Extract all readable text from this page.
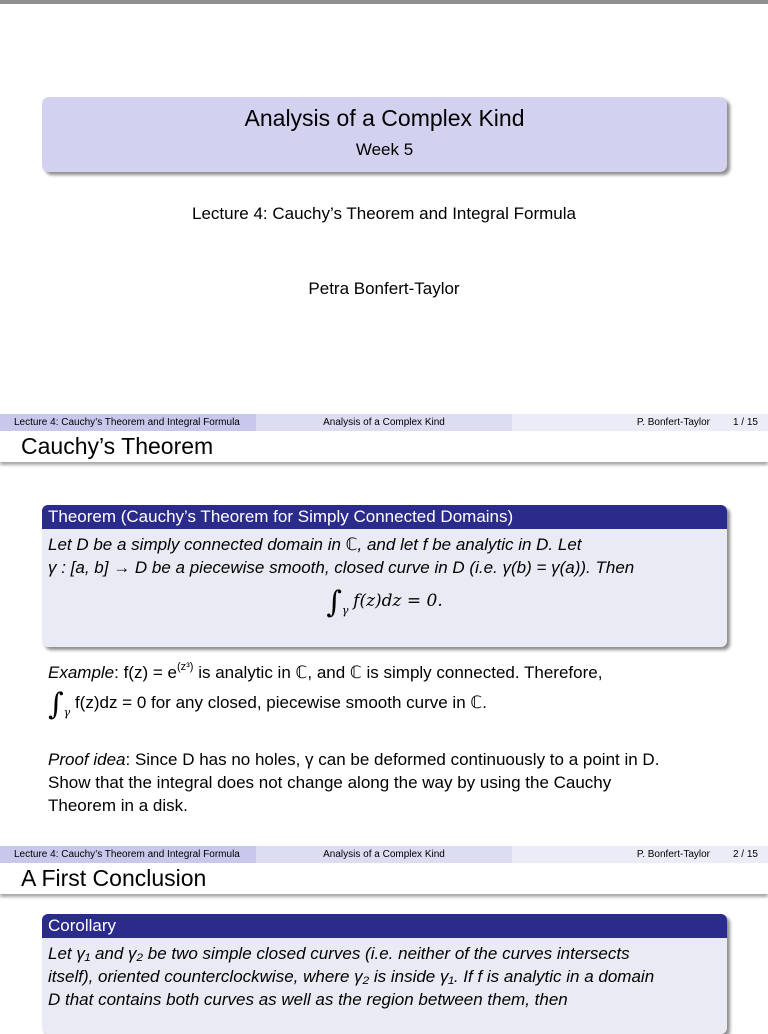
Analysis of a Complex Kind
Week 5
Lecture 4: Cauchy’s Theorem and Integral Formula
Petra Bonfert-Taylor
Lecture 4: Cauchy’s Theorem and Integral Formula	Analysis of a Complex Kind	P. Bonfert-Taylor 1 / 15
Cauchy’s Theorem
Theorem (Cauchy’s Theorem for Simply Connected Domains)
Let D be a simply connected domain in ℂ, and let f be analytic in D. Let
γ : [a, b] → D be a piecewise smooth, closed curve in D (i.e. γ(b) = γ(a)). Then
$\int_\gamma$ f(z)dz = 0.
Example: $f(z) = e^{(z^3)}$ is analytic in ℂ, and ℂ is simply connected. Therefore,
$\int_\gamma$ f(z)dz = 0 for any closed, piecewise smooth curve in ℂ.
Proof idea: Since D has no holes, γ can be deformed continuously to a point in D.
Show that the integral does not change along the way by using the Cauchy
Theorem in a disk.
Lecture 4: Cauchy’s Theorem and Integral Formula	Analysis of a Complex Kind	P. Bonfert-Taylor 2 / 15
A First Conclusion
Corollary
Let γ₁ and γ₂ be two simple closed curves (i.e. neither of the curves intersects
itself), oriented counterclockwise, where γ₂ is inside γ₁. If f is analytic in a domain
D that contains both curves as well as the region between them, then
